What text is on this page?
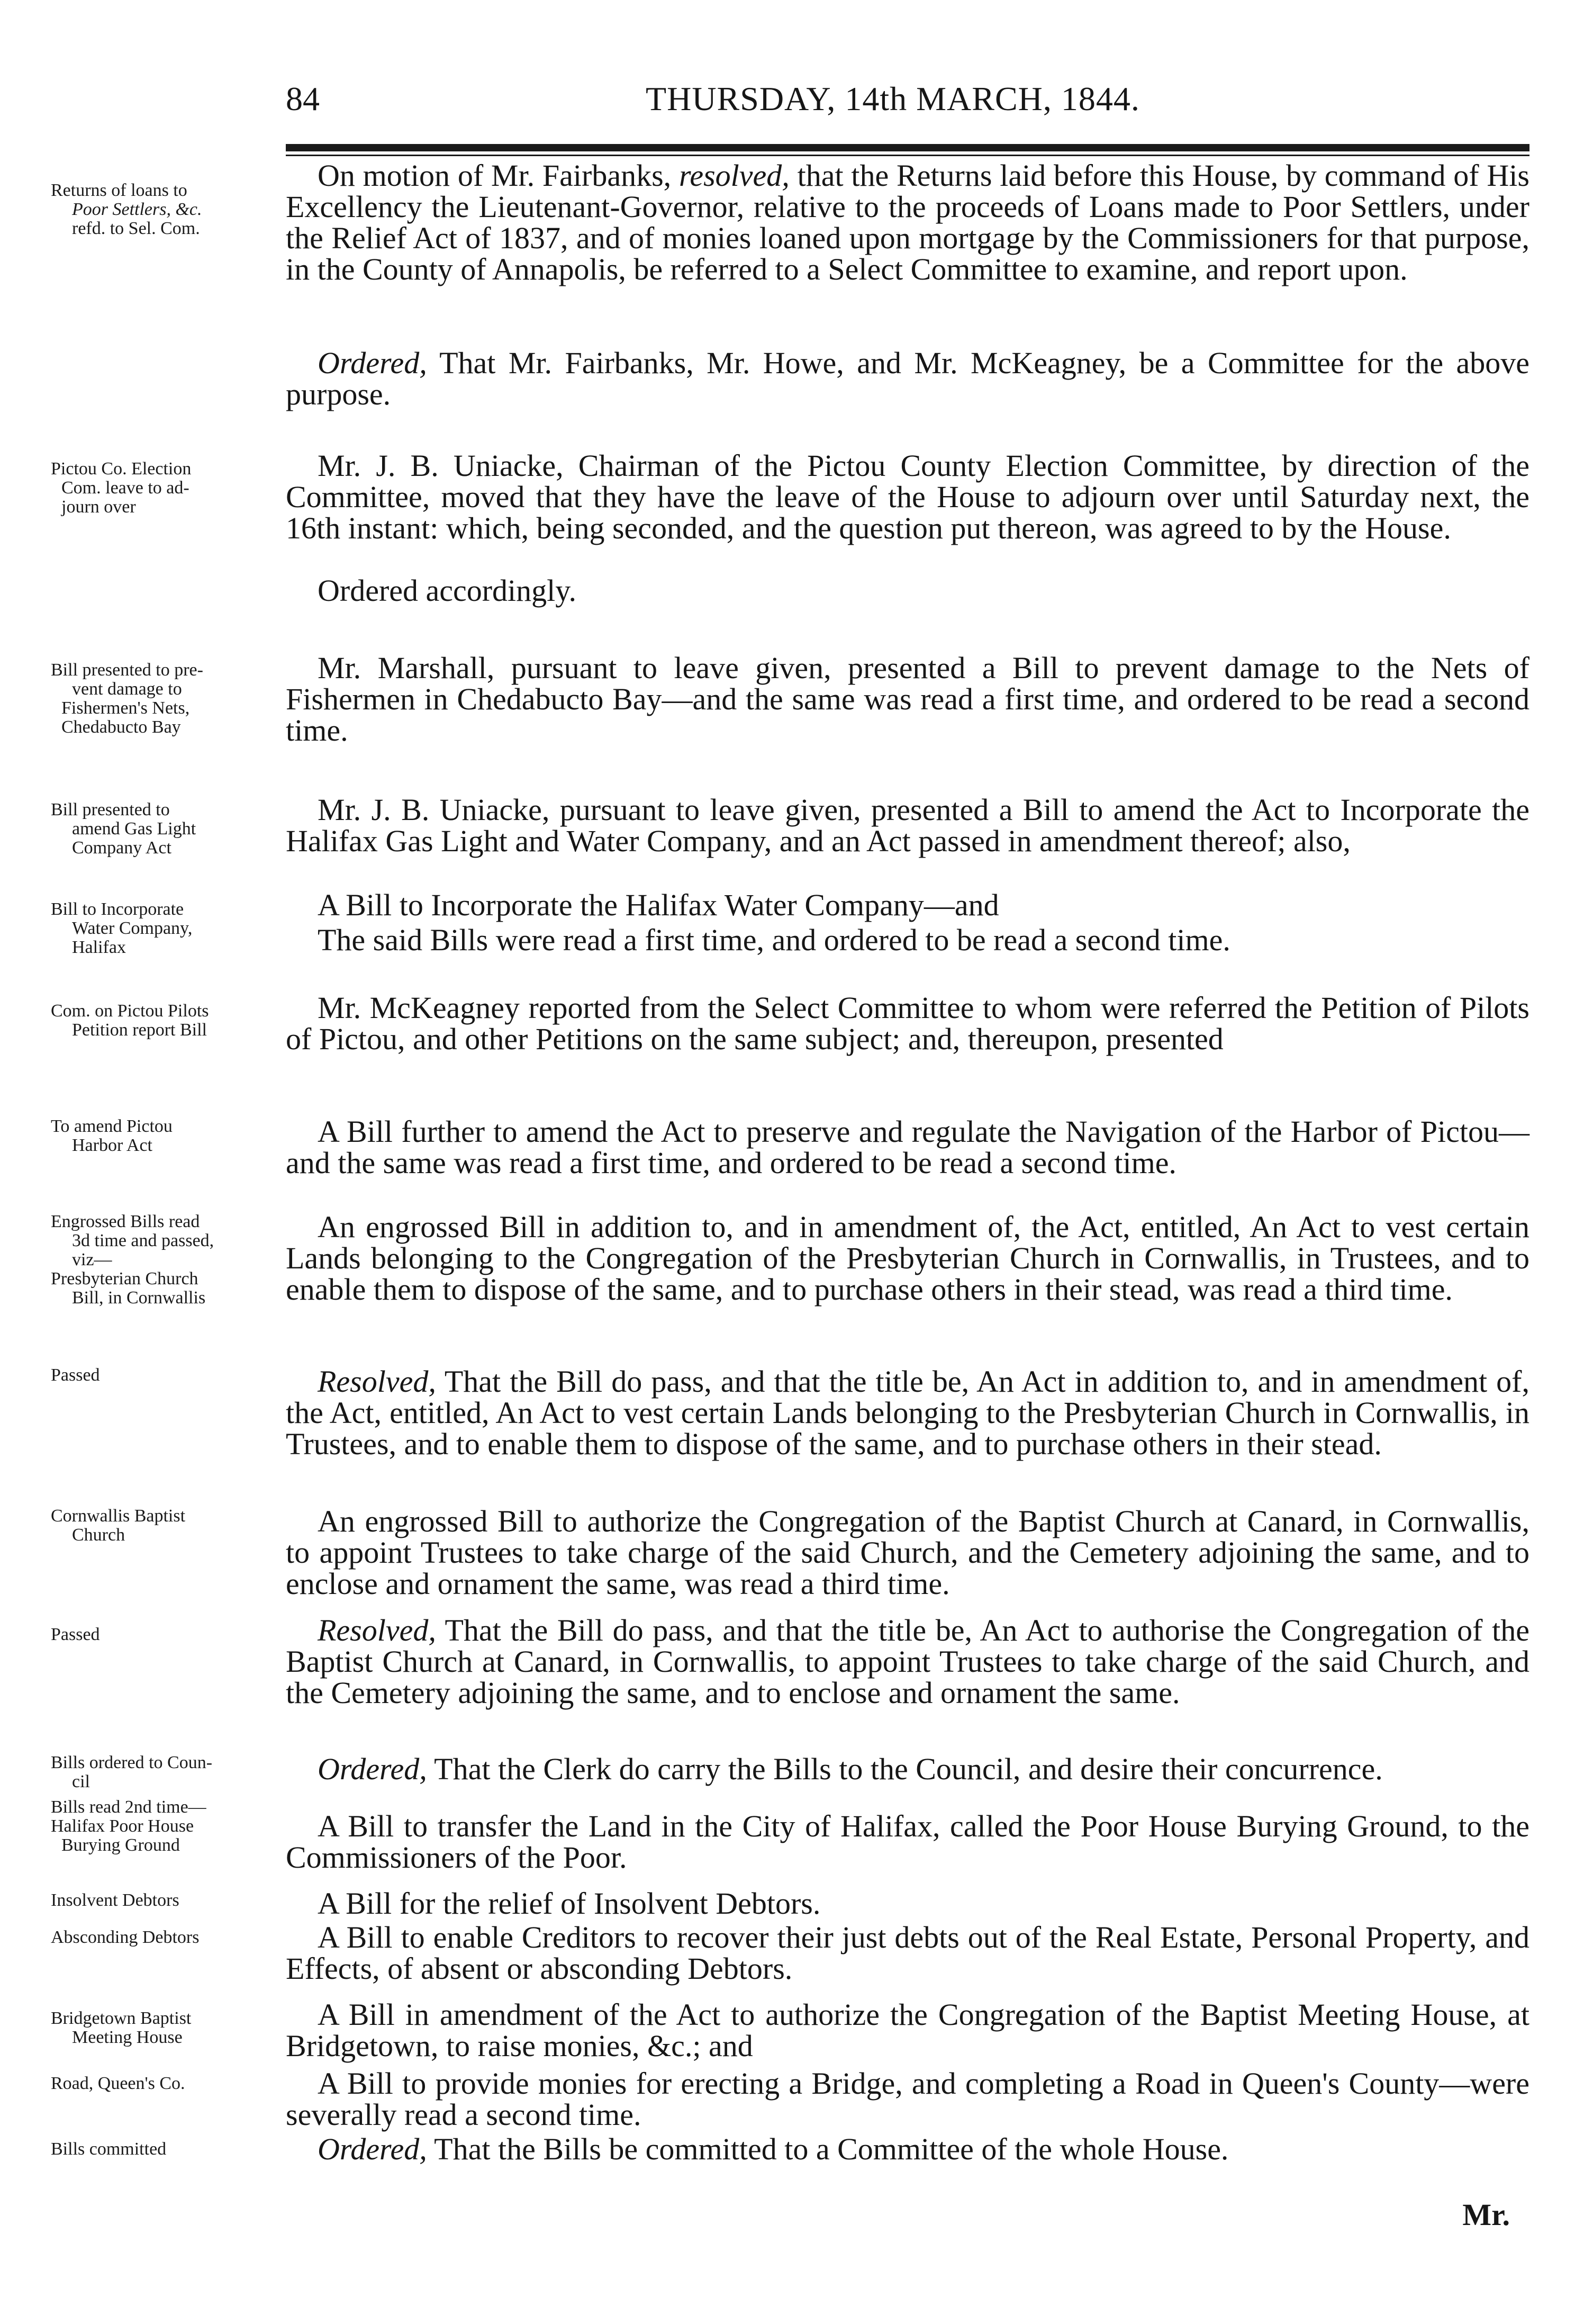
84	THURSDAY, 14th MARCH, 1844.
Returns of loans to
Poor Settlers, &c.
refd. to Sel. Com.
Pictou Co. Election
Com. leave to ad-
journ over
Bill presented to pre-
vent damage to
Fishermen's Nets,
Chedabucto Bay
Bill presented to
amend Gas Light
Company Act
Bill to Incorporate
Water Company,
Halifax
Com. on Pictou Pilots
Petition report Bill
To amend Pictou
Harbor Act
Engrossed Bills read
3d time and passed,
viz—
Presbyterian Church
Bill, in Cornwallis
Passed
Cornwallis Baptist
Church
Passed
Bills ordered to Coun-
cil
Bills read 2nd time—
Halifax Poor House
Burying Ground
Insolvent Debtors
Absconding Debtors
Bridgetown Baptist
Meeting House
Road, Queen's Co.
Bills committed

On motion of Mr. Fairbanks, resolved, that the Returns laid before this House, by command of His Excellency the Lieutenant-Governor, relative to the proceeds of Loans made to Poor Settlers, under the Relief Act of 1837, and of monies loaned upon mortgage by the Commissioners for that purpose, in the County of Annapolis, be referred to a Select Committee to examine, and report upon.

Ordered, That Mr. Fairbanks, Mr. Howe, and Mr. McKeagney, be a Committee for the above purpose.

Mr. J. B. Uniacke, Chairman of the Pictou County Election Committee, by direction of the Committee, moved that they have the leave of the House to adjourn over until Saturday next, the 16th instant: which, being seconded, and the question put thereon, was agreed to by the House.

Ordered accordingly.

Mr. Marshall, pursuant to leave given, presented a Bill to prevent damage to the Nets of Fishermen in Chedabucto Bay—and the same was read a first time, and ordered to be read a second time.

Mr. J. B. Uniacke, pursuant to leave given, presented a Bill to amend the Act to Incorporate the Halifax Gas Light and Water Company, and an Act passed in amendment thereof; also,

A Bill to Incorporate the Halifax Water Company—and

The said Bills were read a first time, and ordered to be read a second time.

Mr. McKeagney reported from the Select Committee to whom were referred the Petition of Pilots of Pictou, and other Petitions on the same subject; and, thereupon, presented

A Bill further to amend the Act to preserve and regulate the Navigation of the Harbor of Pictou—and the same was read a first time, and ordered to be read a second time.

An engrossed Bill in addition to, and in amendment of, the Act, entitled, An Act to vest certain Lands belonging to the Congregation of the Presbyterian Church in Cornwallis, in Trustees, and to enable them to dispose of the same, and to purchase others in their stead, was read a third time.

Resolved, That the Bill do pass, and that the title be, An Act in addition to, and in amendment of, the Act, entitled, An Act to vest certain Lands belonging to the Presbyterian Church in Cornwallis, in Trustees, and to enable them to dispose of the same, and to purchase others in their stead.

An engrossed Bill to authorize the Congregation of the Baptist Church at Canard, in Cornwallis, to appoint Trustees to take charge of the said Church, and the Cemetery adjoining the same, and to enclose and ornament the same, was read a third time.

Resolved, That the Bill do pass, and that the title be, An Act to authorise the Congregation of the Baptist Church at Canard, in Cornwallis, to appoint Trustees to take charge of the said Church, and the Cemetery adjoining the same, and to enclose and ornament the same.

Ordered, That the Clerk do carry the Bills to the Council, and desire their concurrence.

A Bill to transfer the Land in the City of Halifax, called the Poor House Burying Ground, to the Commissioners of the Poor.

A Bill for the relief of Insolvent Debtors.

A Bill to enable Creditors to recover their just debts out of the Real Estate, Personal Property, and Effects, of absent or absconding Debtors.

A Bill in amendment of the Act to authorize the Congregation of the Baptist Meeting House, at Bridgetown, to raise monies, &c.; and

A Bill to provide monies for erecting a Bridge, and completing a Road in Queen's County—were severally read a second time.

Ordered, That the Bills be committed to a Committee of the whole House.

Mr.
